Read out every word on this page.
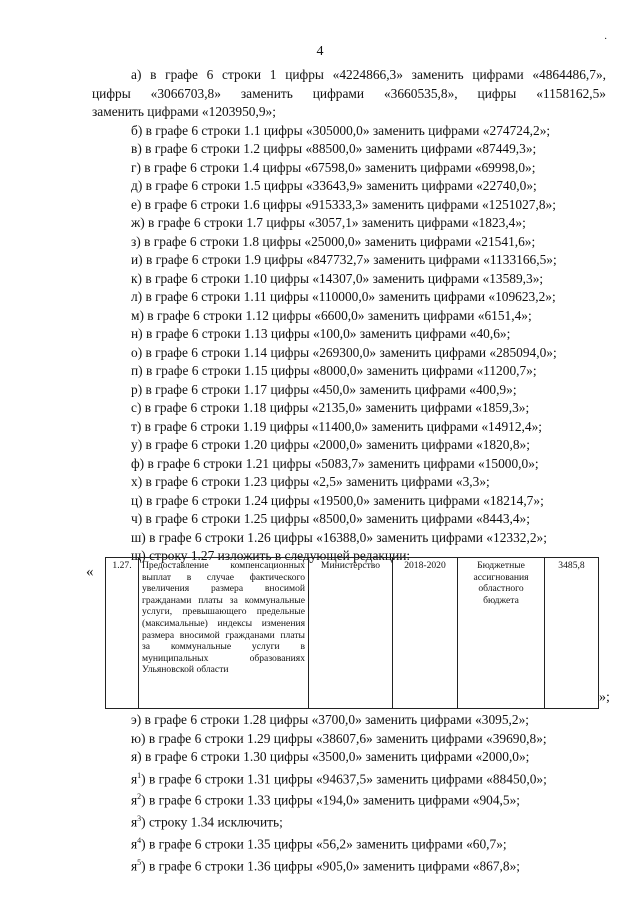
4
·
а) в графе 6 строки 1 цифры «4224866,3» заменить цифрами «4864486,7»,
цифры «3066703,8» заменить цифрами «3660535,8», цифры «1158162,5»
заменить цифрами «1203950,9»;
б) в графе 6 строки 1.1 цифры «305000,0» заменить цифрами «274724,2»;
в) в графе 6 строки 1.2 цифры «88500,0» заменить цифрами «87449,3»;
г) в графе 6 строки 1.4 цифры «67598,0» заменить цифрами «69998,0»;
д) в графе 6 строки 1.5 цифры «33643,9» заменить цифрами «22740,0»;
е) в графе 6 строки 1.6 цифры «915333,3» заменить цифрами «1251027,8»;
ж) в графе 6 строки 1.7 цифры «3057,1» заменить цифрами «1823,4»;
з) в графе 6 строки 1.8 цифры «25000,0» заменить цифрами «21541,6»;
и) в графе 6 строки 1.9 цифры «847732,7» заменить цифрами «1133166,5»;
к) в графе 6 строки 1.10 цифры «14307,0» заменить цифрами «13589,3»;
л) в графе 6 строки 1.11 цифры «110000,0» заменить цифрами «109623,2»;
м) в графе 6 строки 1.12 цифры «6600,0» заменить цифрами «6151,4»;
н) в графе 6 строки 1.13 цифры «100,0» заменить цифрами «40,6»;
о) в графе 6 строки 1.14 цифры «269300,0» заменить цифрами «285094,0»;
п) в графе 6 строки 1.15 цифры «8000,0» заменить цифрами «11200,7»;
р) в графе 6 строки 1.17 цифры «450,0» заменить цифрами «400,9»;
с) в графе 6 строки 1.18 цифры «2135,0» заменить цифрами «1859,3»;
т) в графе 6 строки 1.19 цифры «11400,0» заменить цифрами «14912,4»;
у) в графе 6 строки 1.20 цифры «2000,0» заменить цифрами «1820,8»;
ф) в графе 6 строки 1.21 цифры «5083,7» заменить цифрами «15000,0»;
х) в графе 6 строки 1.23 цифры «2,5» заменить цифрами «3,3»;
ц) в графе 6 строки 1.24 цифры «19500,0» заменить цифрами «18214,7»;
ч) в графе 6 строки 1.25 цифры «8500,0» заменить цифрами «8443,4»;
ш) в графе 6 строки 1.26 цифры «16388,0» заменить цифрами «12332,2»;
щ) строку 1.27 изложить в следующей редакции:
« 1.27.	Предоставление компенсационных выплат в случае фактического увеличения размера вносимой гражданами платы за коммунальные услуги, превышающего предельные (максимальные) индексы изменения размера вносимой гражданами платы за коммунальные услуги в муниципальных образованиях Ульяновской области	Министерство	2018-2020	Бюджетные ассигнования областного бюджета	3485,8
»;
э) в графе 6 строки 1.28 цифры «3700,0» заменить цифрами «3095,2»;
ю) в графе 6 строки 1.29 цифры «38607,6» заменить цифрами «39690,8»;
я) в графе 6 строки 1.30 цифры «3500,0» заменить цифрами «2000,0»;
$я^1$) в графе 6 строки 1.31 цифры «94637,5» заменить цифрами «88450,0»;
$я^2$) в графе 6 строки 1.33 цифры «194,0» заменить цифрами «904,5»;
$я^3$) строку 1.34 исключить;
$я^4$) в графе 6 строки 1.35 цифры «56,2» заменить цифрами «60,7»;
$я^5$) в графе 6 строки 1.36 цифры «905,0» заменить цифрами «867,8»;
